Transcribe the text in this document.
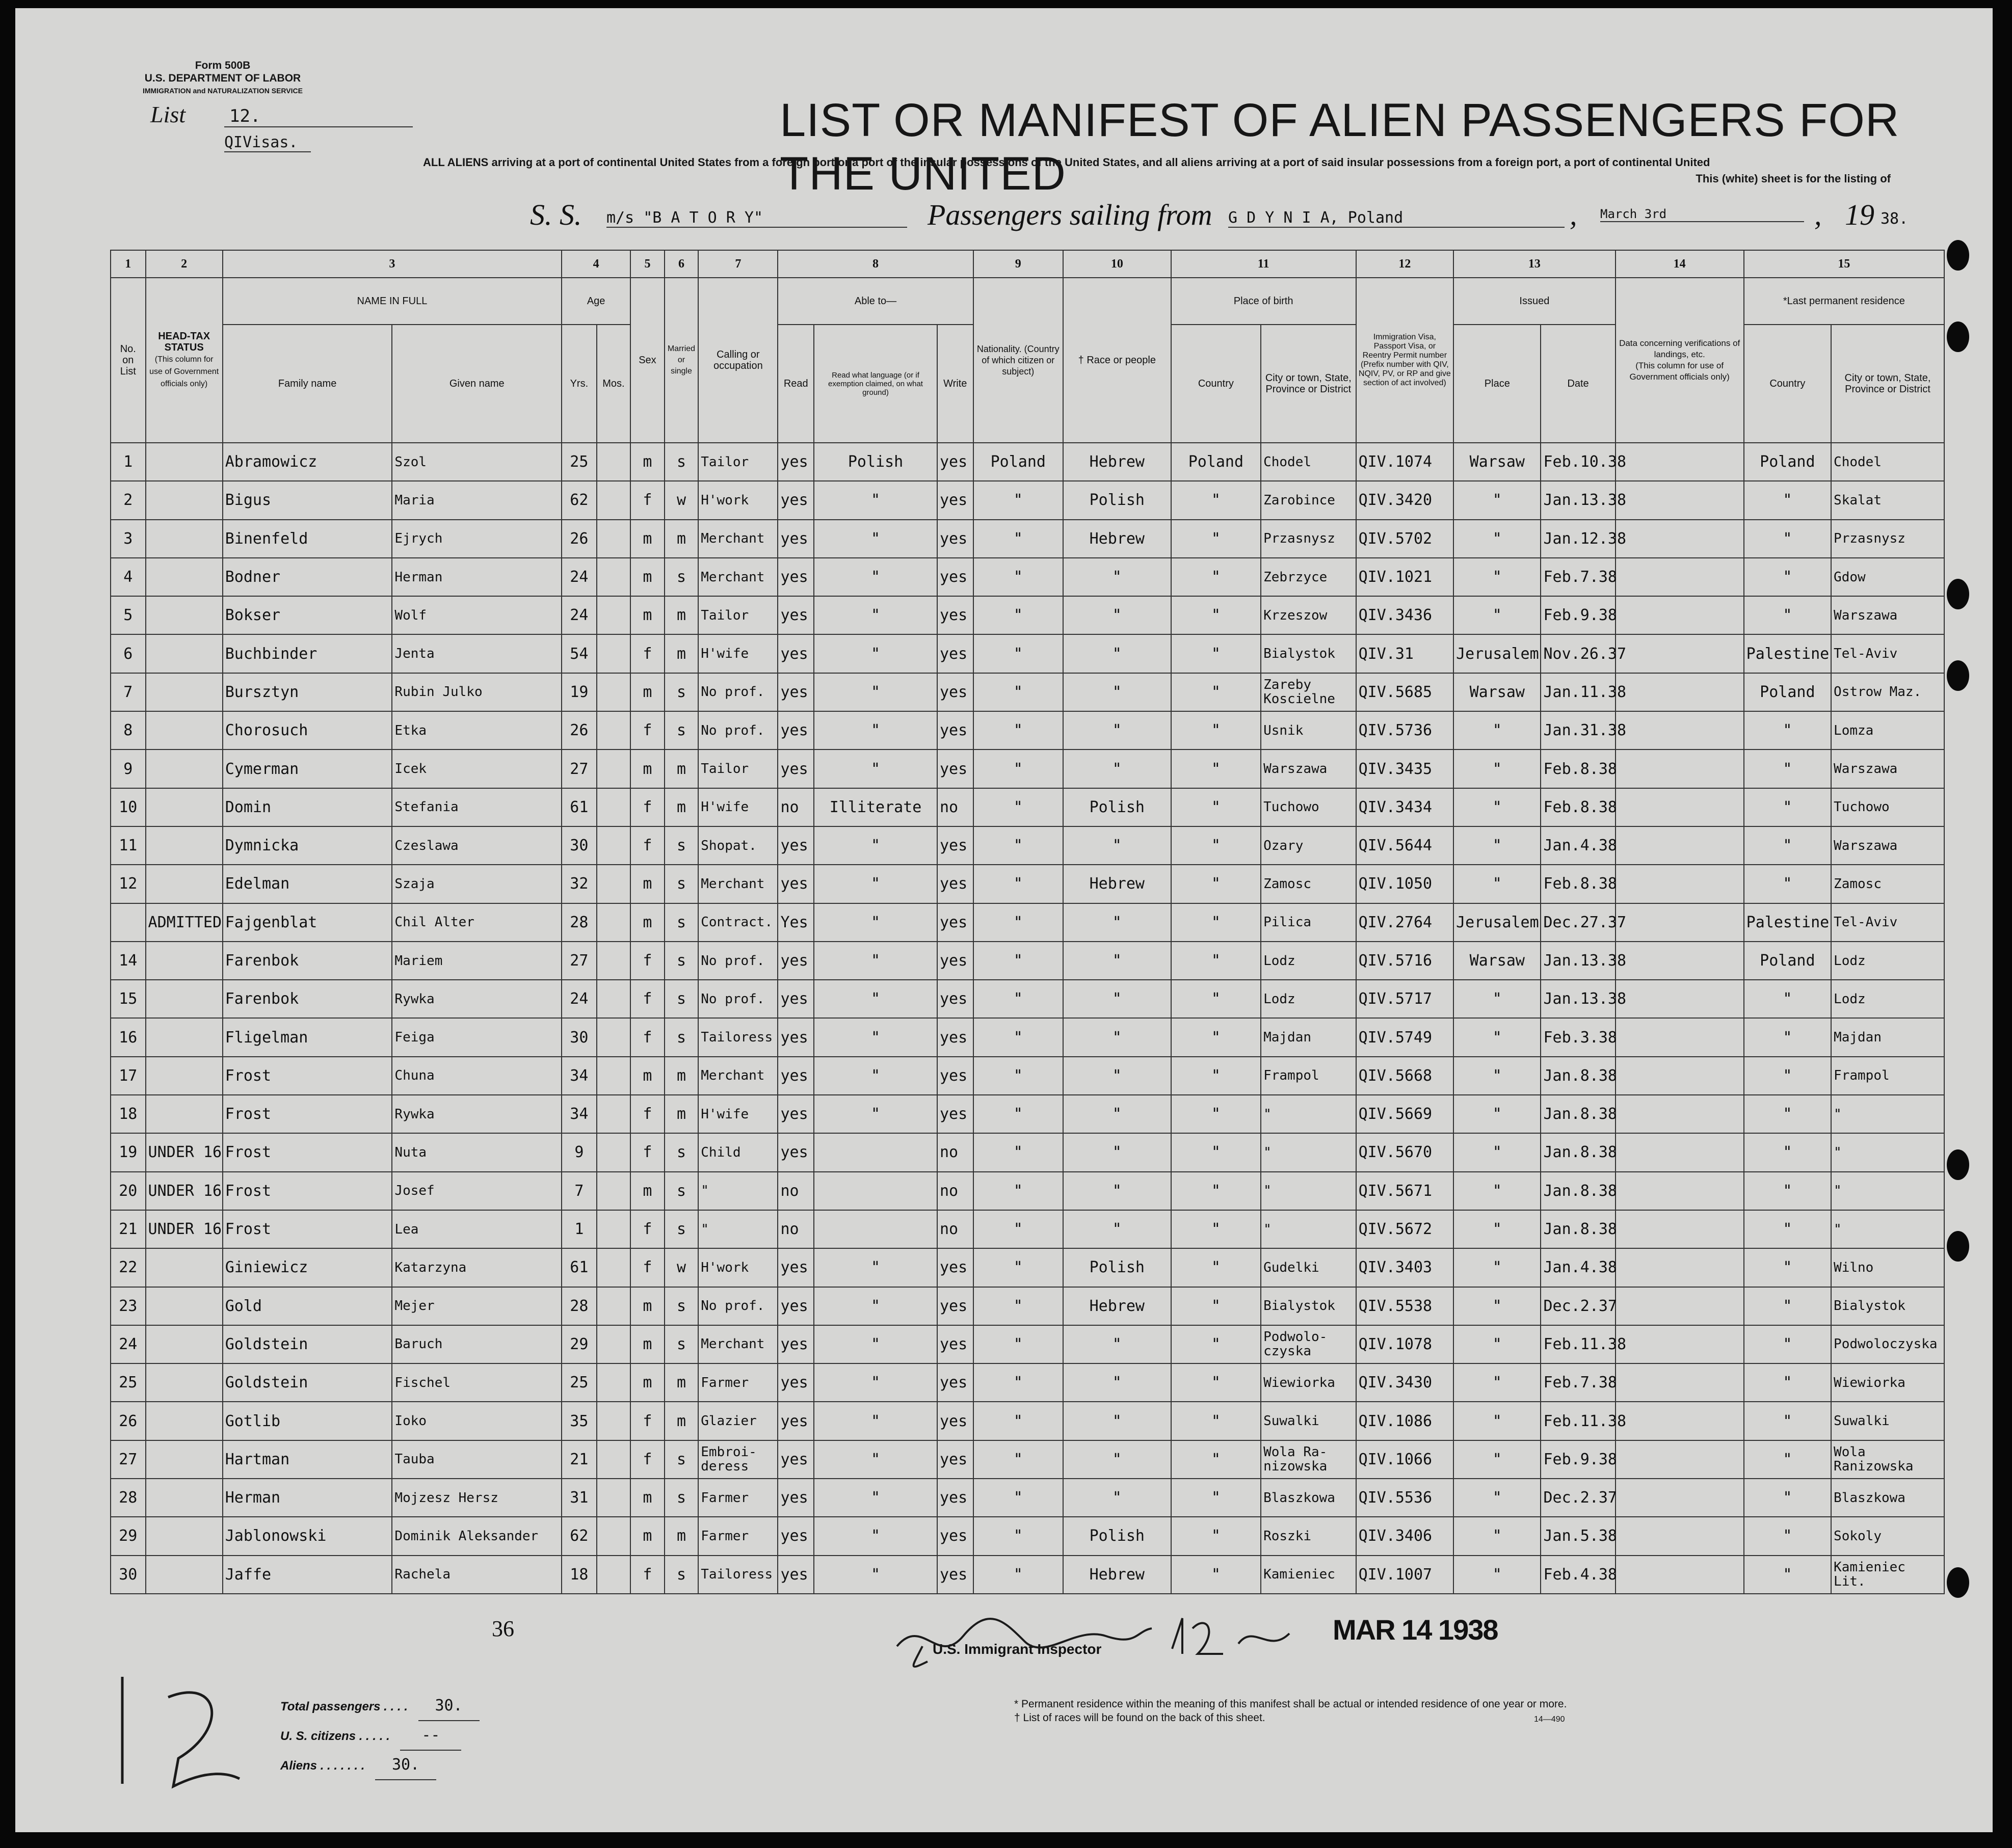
Form 500B
U.S. DEPARTMENT OF LABOR
IMMIGRATION and NATURALIZATION SERVICE
List	12.
QIVisas.	LIST OR MANIFEST OF ALIEN PASSENGERS FOR THE UNITED
ALL ALIENS arriving at a port of continental United States from a foreign port or a port of the insular possessions of the United States, and all aliens arriving at a port of said insular possessions from a foreign port, a port of continental United
This (white) sheet is for the listing of
S. S. m/s "B A T O R Y"	Passengers sailing from G D Y N I A, Poland	, March 3rd	, 19 38.
1	2	3		4		5	6	7	8			9	10	11		12	13		14	15	
No. on List	HEAD-TAX STATUS
(This column for use of Government officials only)	NAME IN FULL		Age		Sex	Married or single	Calling or occupation	Able to—			Nationality. (Country of which citizen or subject)	† Race or people	Place of birth		Immigration Visa, Passport Visa, or Reentry Permit number
(Prefix number with QIV, NQIV, PV, or RP and give section of act involved)	Issued		Data concerning verifications of landings, etc.
(This column for use of Government officials only)	*Last permanent residence	
		Family name	Given name	Yrs.	Mos.				Read	Read what language (or if exemption claimed, on what ground)	Write			Country	City or town, State, Province or District		Place	Date		Country	City or town, State, Province or District
1		Abramowicz	Szol	25		m	s	Tailor	yes	Polish	yes	Poland	Hebrew	Poland	Chodel	QIV.1074	Warsaw	Feb.10.38		Poland	Chodel
2		Bigus	Maria	62		f	w	H'work	yes	"	yes	"	Polish	"	Zarobince	QIV.3420	"	Jan.13.38		"	Skalat
3		Binenfeld	Ejrych	26		m	m	Merchant	yes	"	yes	"	Hebrew	"	Przasnysz	QIV.5702	"	Jan.12.38		"	Przasnysz
4		Bodner	Herman	24		m	s	Merchant	yes	"	yes	"	"	"	Zebrzyce	QIV.1021	"	Feb.7.38		"	Gdow
5		Bokser	Wolf	24		m	m	Tailor	yes	"	yes	"	"	"	Krzeszow	QIV.3436	"	Feb.9.38		"	Warszawa
6		Buchbinder	Jenta	54		f	m	H'wife	yes	"	yes	"	"	"	Bialystok	QIV.31	Jerusalem	Nov.26.37		Palestine	Tel-Aviv
7		Bursztyn	Rubin Julko	19		m	s	No prof.	yes	"	yes	"	"	"	Zareby Koscielne	QIV.5685	Warsaw	Jan.11.38		Poland	Ostrow Maz.
8		Chorosuch	Etka	26		f	s	No prof.	yes	"	yes	"	"	"	Usnik	QIV.5736	"	Jan.31.38		"	Lomza
9		Cymerman	Icek	27		m	m	Tailor	yes	"	yes	"	"	"	Warszawa	QIV.3435	"	Feb.8.38		"	Warszawa
10		Domin	Stefania	61		f	m	H'wife	no	Illiterate	no	"	Polish	"	Tuchowo	QIV.3434	"	Feb.8.38		"	Tuchowo
11		Dymnicka	Czeslawa	30		f	s	Shopat.	yes	"	yes	"	"	"	Ozary	QIV.5644	"	Jan.4.38		"	Warszawa
12		Edelman	Szaja	32		m	s	Merchant	yes	"	yes	"	Hebrew	"	Zamosc	QIV.1050	"	Feb.8.38		"	Zamosc
	ADMITTED	Fajgenblat	Chil Alter	28		m	s	Contract.	Yes	"	yes	"	"	"	Pilica	QIV.2764	Jerusalem	Dec.27.37		Palestine	Tel-Aviv
14		Farenbok	Mariem	27		f	s	No prof.	yes	"	yes	"	"	"	Lodz	QIV.5716	Warsaw	Jan.13.38		Poland	Lodz
15		Farenbok	Rywka	24		f	s	No prof.	yes	"	yes	"	"	"	Lodz	QIV.5717	"	Jan.13.38		"	Lodz
16		Fligelman	Feiga	30		f	s	Tailoress	yes	"	yes	"	"	"	Majdan	QIV.5749	"	Feb.3.38		"	Majdan
17		Frost	Chuna	34		m	m	Merchant	yes	"	yes	"	"	"	Frampol	QIV.5668	"	Jan.8.38		"	Frampol
18		Frost	Rywka	34		f	m	H'wife	yes	"	yes	"	"	"	"	QIV.5669	"	Jan.8.38		"	"
19	UNDER 16	Frost	Nuta	9		f	s	Child	yes		no	"	"	"	"	QIV.5670	"	Jan.8.38		"	"
20	UNDER 16	Frost	Josef	7		m	s	"	no		no	"	"	"	"	QIV.5671	"	Jan.8.38		"	"
21	UNDER 16	Frost	Lea	1		f	s	"	no		no	"	"	"	"	QIV.5672	"	Jan.8.38		"	"
22		Giniewicz	Katarzyna	61		f	w	H'work	yes	"	yes	"	Polish	"	Gudelki	QIV.3403	"	Jan.4.38		"	Wilno
23		Gold	Mejer	28		m	s	No prof.	yes	"	yes	"	Hebrew	"	Bialystok	QIV.5538	"	Dec.2.37		"	Bialystok
24		Goldstein	Baruch	29		m	s	Merchant	yes	"	yes	"	"	"	Podwolo- czyska	QIV.1078	"	Feb.11.38		"	Podwoloczyska
25		Goldstein	Fischel	25		m	m	Farmer	yes	"	yes	"	"	"	Wiewiorka	QIV.3430	"	Feb.7.38		"	Wiewiorka
26		Gotlib	Ioko	35		f	m	Glazier	yes	"	yes	"	"	"	Suwalki	QIV.1086	"	Feb.11.38		"	Suwalki
27		Hartman	Tauba	21		f	s	Embroi- deress	yes	"	yes	"	"	"	Wola Ra- nizowska	QIV.1066	"	Feb.9.38		"	Wola Ranizowska
28		Herman	Mojzesz Hersz	31		m	s	Farmer	yes	"	yes	"	"	"	Blaszkowa	QIV.5536	"	Dec.2.37		"	Blaszkowa
29		Jablonowski	Dominik Aleksander	62		m	m	Farmer	yes	"	yes	"	Polish	"	Roszki	QIV.3406	"	Jan.5.38		"	Sokoly
30		Jaffe	Rachela	18		f	s	Tailoress	yes	"	yes	"	Hebrew	"	Kamieniec	QIV.1007	"	Feb.4.38		"	Kamieniec Lit.
36
U.S. Immigrant Inspector
MAR 14 1938
Total passengers . . . . 30.
U. S. citizens . . . . . --
Aliens . . . . . . . 30.
* Permanent residence within the meaning of this manifest shall be actual or intended residence of one year or more.
† List of races will be found on the back of this sheet.	14—490
